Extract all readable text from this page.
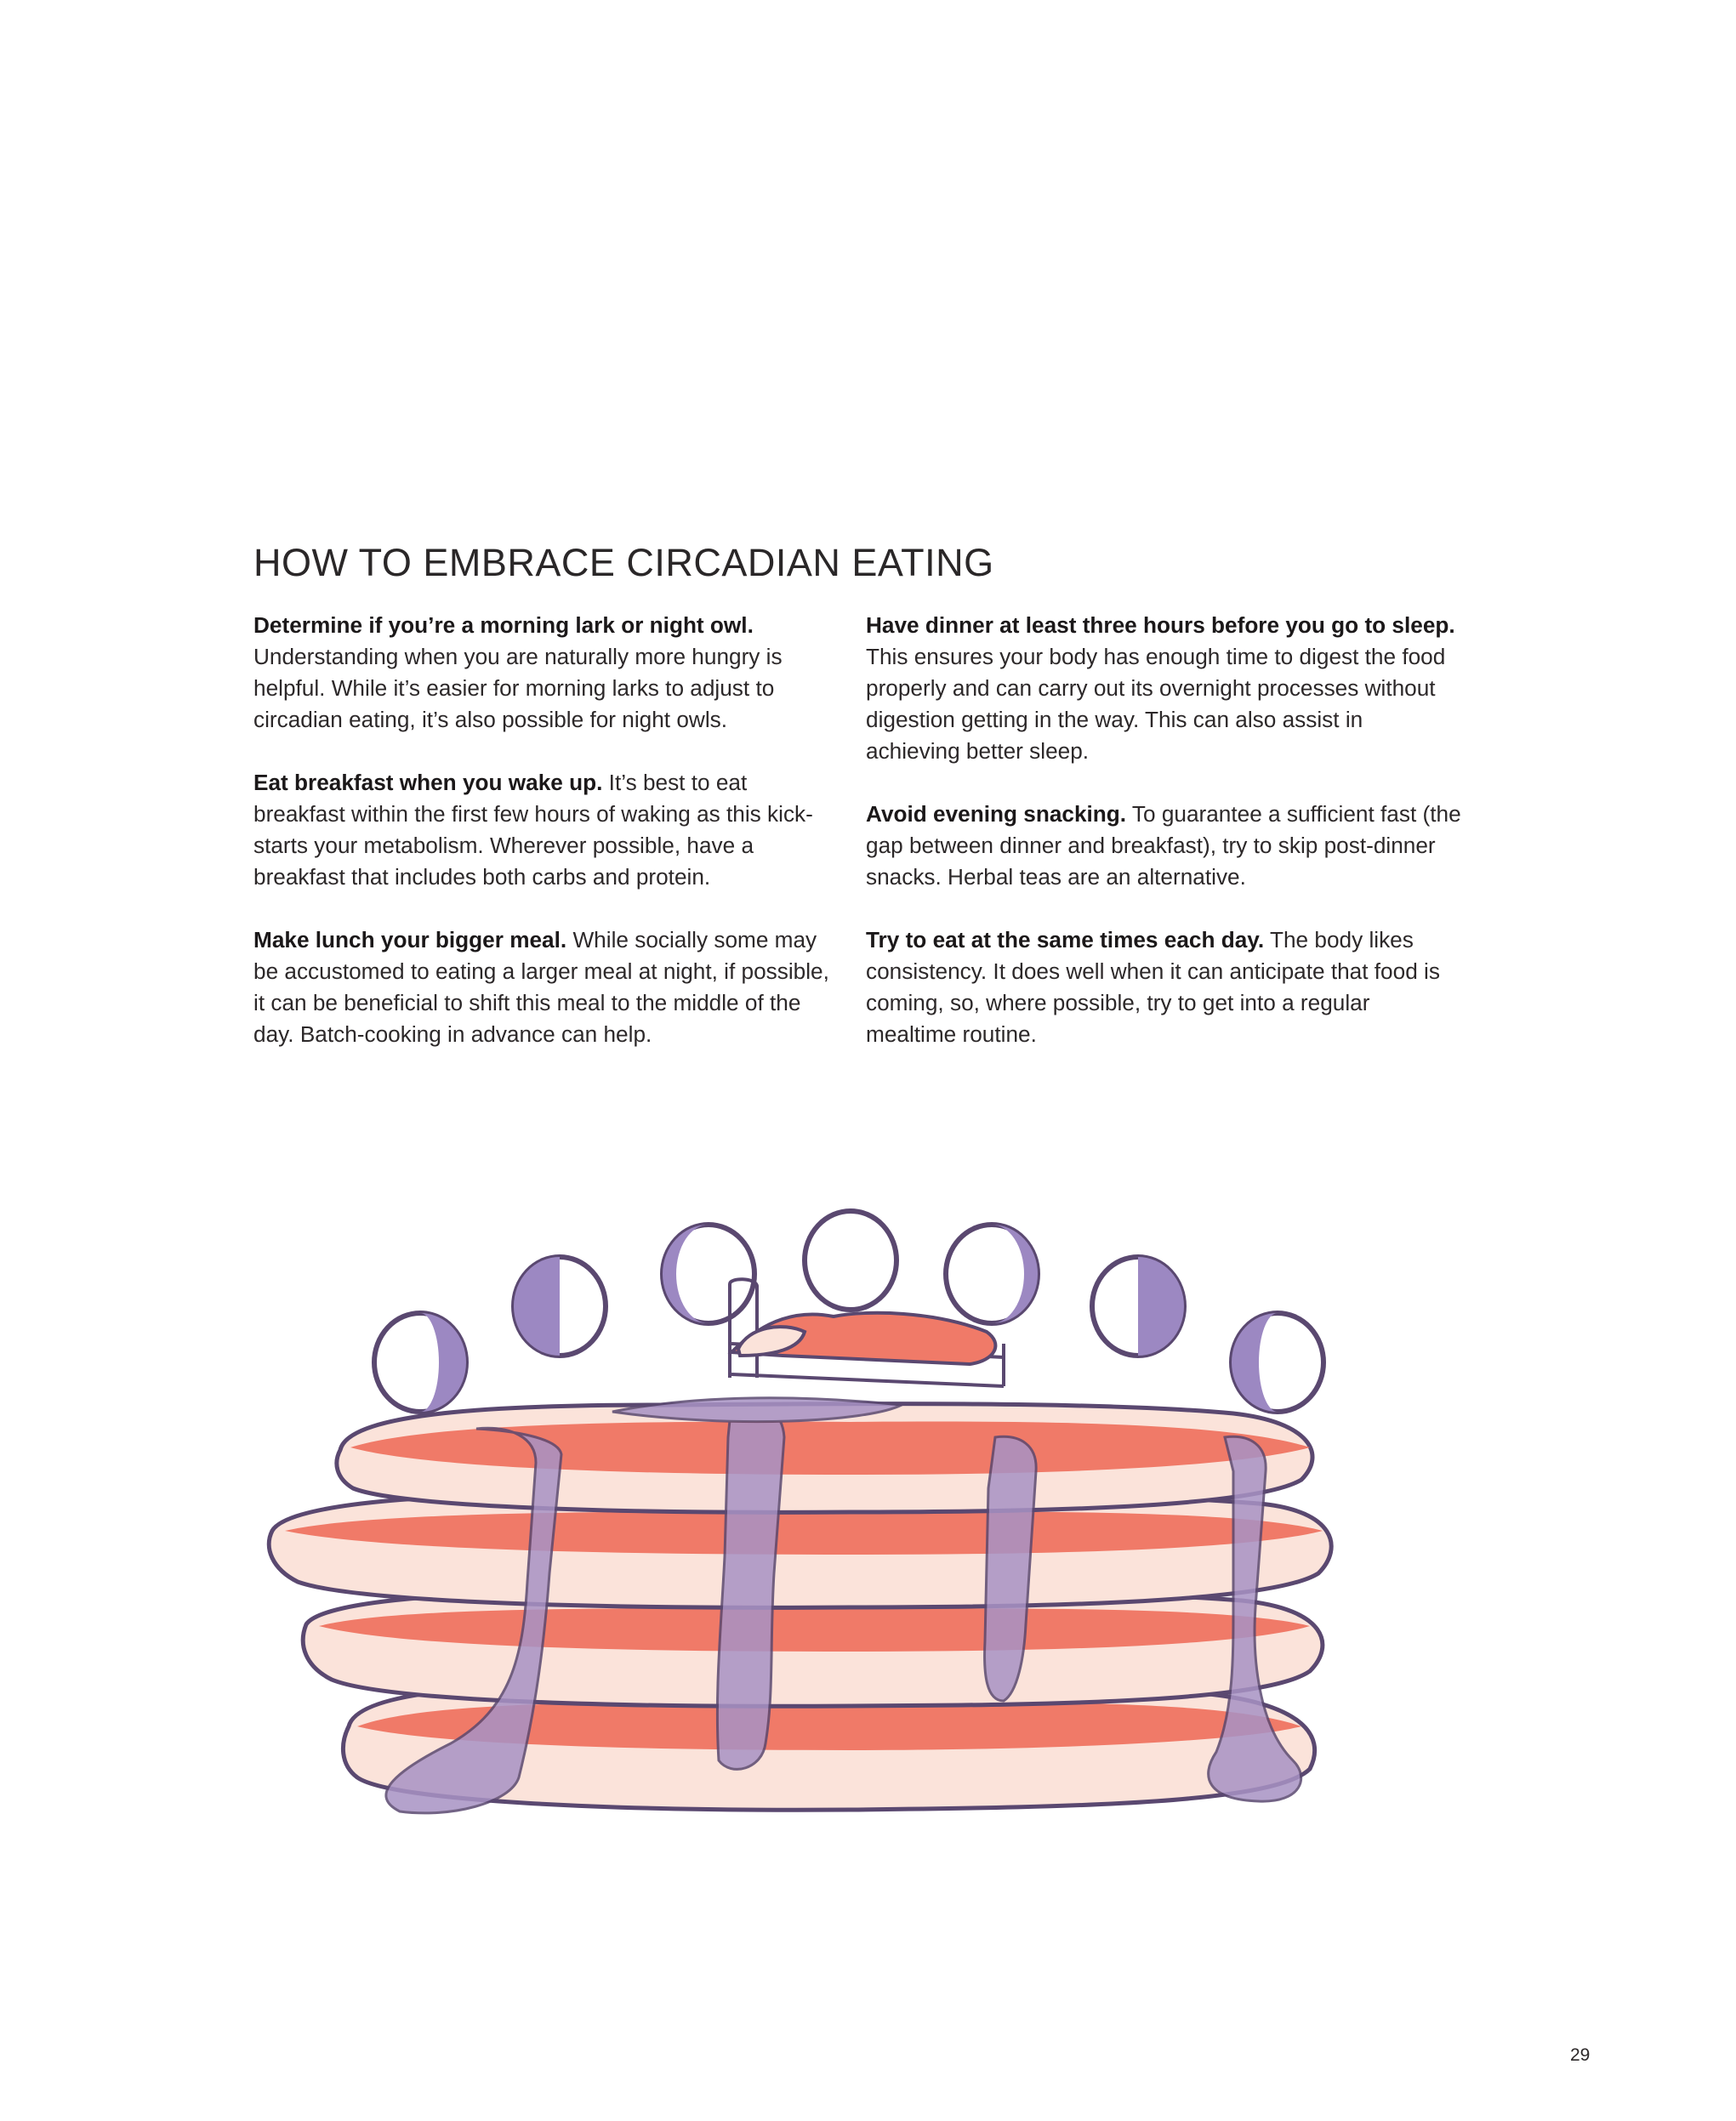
HOW TO EMBRACE CIRCADIAN EATING

Determine if you’re a morning lark or night owl. Understanding when you are naturally more hungry is helpful. While it’s easier for morning larks to adjust to circadian eating, it’s also possible for night owls.

Eat breakfast when you wake up. It’s best to eat breakfast within the first few hours of waking as this kick-starts your metabolism. Wherever possible, have a breakfast that includes both carbs and protein.

Make lunch your bigger meal. While socially some may be accustomed to eating a larger meal at night, if possible, it can be beneficial to shift this meal to the middle of the day. Batch-cooking in advance can help.

Have dinner at least three hours before you go to sleep. This ensures your body has enough time to digest the food properly and can carry out its overnight processes without digestion getting in the way. This can also assist in achieving better sleep.

Avoid evening snacking. To guarantee a sufficient fast (the gap between dinner and breakfast), try to skip post-dinner snacks. Herbal teas are an alternative.

Try to eat at the same times each day. The body likes consistency. It does well when it can anticipate that food is coming, so, where possible, try to get into a regular mealtime routine.

29
